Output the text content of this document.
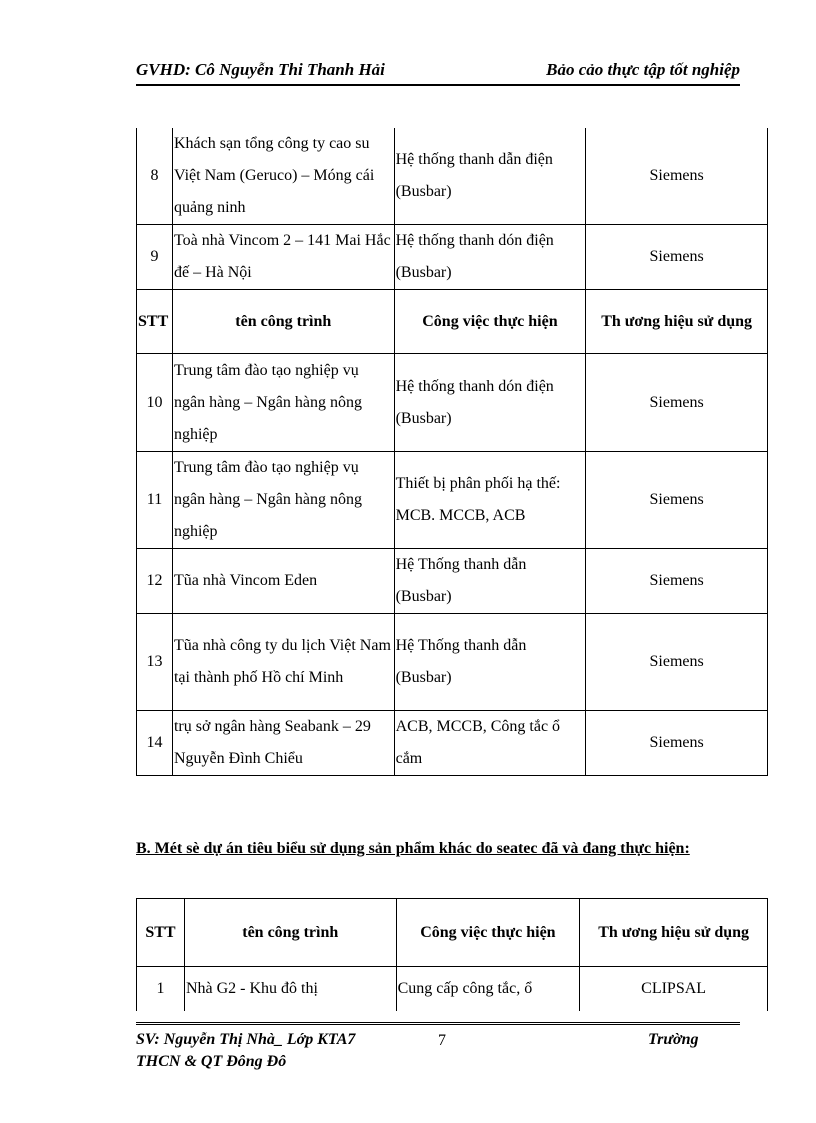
GVHD: Cô Nguyễn Thi Thanh Hải	Bảo cảo thực tập tốt nghiệp
8	Khách sạn tổng công ty cao su Việt Nam (Geruco) – Móng cái quảng ninh	Hệ thống thanh dẫn điện (Busbar)	Siemens
9	Toà nhà Vincom 2 – 141 Mai Hắc đế – Hà Nội	Hệ thống thanh dón điện (Busbar)	Siemens
STT	tên công trình	Công việc thực hiện	Th ương hiệu sử dụng
10	Trung tâm đào tạo nghiệp vụ ngân hàng – Ngân hàng nông nghiệp	Hệ thống thanh dón điện (Busbar)	Siemens
11	Trung tâm đào tạo nghiệp vụ ngân hàng – Ngân hàng nông nghiệp	Thiết bị phân phối hạ thế: MCB. MCCB, ACB	Siemens
12	Tũa nhà Vincom Eden	Hệ Thống thanh dẫn (Busbar)	Siemens
13	Tũa nhà công ty du lịch Việt Nam tại thành phố Hồ chí Minh	Hệ Thống thanh dẫn (Busbar)	Siemens
14	trụ sở ngân hàng Seabank – 29 Nguyễn Đình Chiểu	ACB, MCCB, Công tắc ổ cắm	Siemens
B. Mét sè dự án tiêu biểu sử dụng sản phẩm khác do seatec đã và đang thực hiện:
STT	tên công trình	Công việc thực hiện	Th ương hiệu sử dụng
1	Nhà G2 - Khu đô thị	Cung cấp công tắc, ổ	CLIPSAL
SV: Nguyễn Thị Nhà_ Lớp KTA7	7	Trường
THCN & QT Đông Đô
